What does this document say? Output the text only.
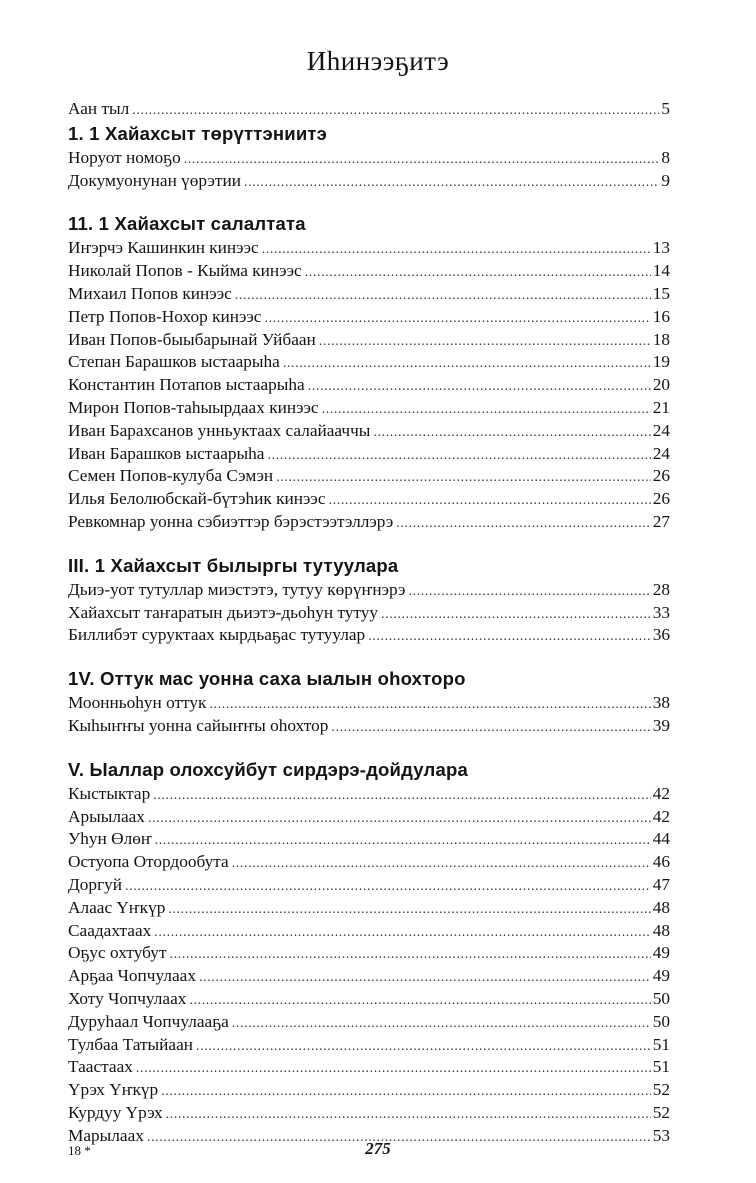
Иһинээҕитэ
Аан тыл .....	5
1. 1 Хайахсыт төрүттэниитэ
Норуот номоҕо .....	8
Докумуонунан үөрэтии .....	9
11. 1 Хайахсыт салалтата
Иҥэрчэ Кашинкин кинээс .....	13
Николай Попов - Кыйма кинээс .....	14
Михаил Попов кинээс .....	15
Петр Попов-Нохор кинээс .....	16
Иван Попов-быыбарынай Уйбаан .....	18
Степан Барашков ыстаарыһа .....	19
Константин Потапов ыстаарыһа .....	20
Мирон Попов-таһыырдаах кинээс .....	21
Иван Барахсанов унньуктаах салайааччы .....	24
Иван Барашков ыстаарыһа .....	24
Семен Попов-кулуба Сэмэн .....	26
Илья Белолюбскай-бүтэһик кинээс .....	26
Ревкомнар уонна сэбиэттэр бэрэстээтэллэрэ .....	27
III. 1 Хайахсыт былыргы тутуулара
Дьиэ-уот тутуллар миэстэтэ, тутуу көрүҥнэрэ .....	28
Хайахсыт таҥаратын дьиэтэ-дьоһун тутуу .....	33
Биллибэт суруктаах кырдьаҕас тутуулар .....	36
1V. Оттук мас уонна саха ыалын оһохторо
Моонньоһун оттук .....	38
Кыһыҥҥы уонна сайыҥҥы оһохтор .....	39
V. Ыаллар олохсуйбут сирдэрэ-дойдулара
Кыстыктар .....	42
Арыылаах .....	42
Уһун Өлөҥ .....	44
Остуопа Отордообута .....	46
Доргуй .....	47
Алаас Үҥкүр .....	48
Саадахтаах .....	48
Оҕус охтубут .....	49
Арҕаа Чопчулаах .....	49
Хоту Чопчулаах .....	50
Дуруһаал Чопчулааҕа .....	50
Тулбаа Татыйаан .....	51
Таастаах .....	51
Үрэх Үҥкүр .....	52
Курдуу Үрэх .....	52
Марылаах .....	53
18 *	275
